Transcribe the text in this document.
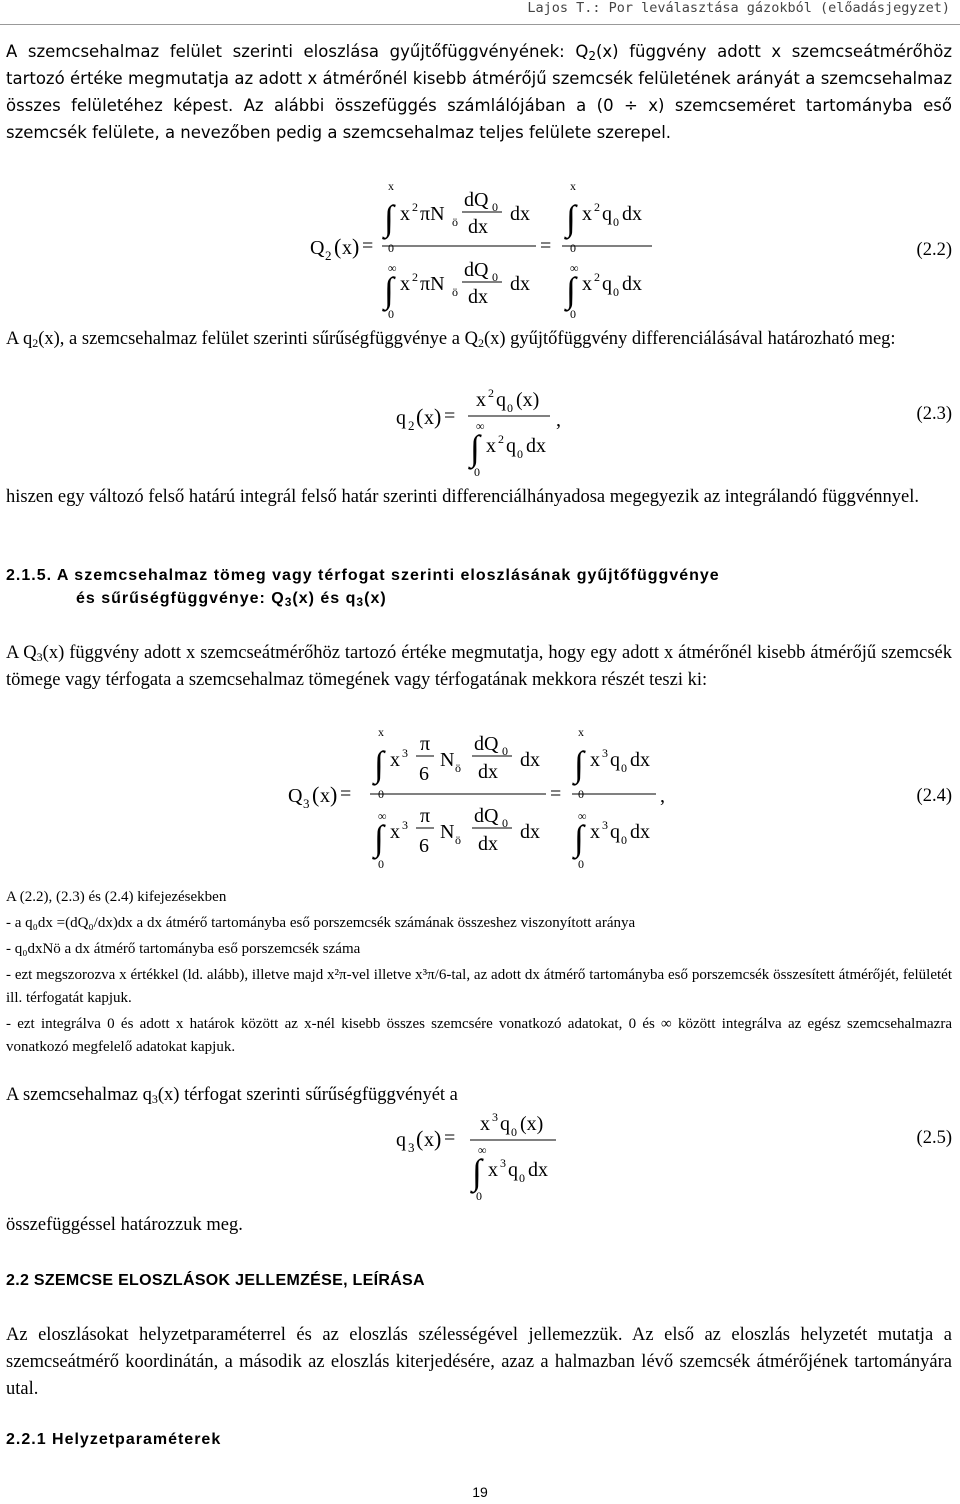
Lajos T.: Por leválasztása gázokból (előadásjegyzet)
A szemcsehalmaz felület szerinti eloszlása gyűjtőfüggvényének: $Q_2(x)$ függvény adott x szemcseátmérőhöz tartozó értéke megmutatja az adott x átmérőnél kisebb átmérőjű szemcsék felületének arányát a szemcsehalmaz összes felületéhez képest. Az alábbi összefüggés számlálójában a (0 ÷ x) szemcseméret tartományba eső szemcsék felülete, a nevezőben pedig a szemcsehalmaz teljes felülete szerepel.
Q 2 ( x ) =
x
∫
0
x 2 πN ö
dQ 0
dx
dx
∞
∫
0
x 2 πN ö
dQ 0
dx
dx
=
x
∫
0
x 2 q 0 dx
∞
∫
0
x 2 q 0 dx
(2.2)
A $q_2(x)$, a szemcsehalmaz felület szerinti sűrűségfüggvénye a $Q_2(x)$ gyűjtőfüggvény differenciálásával határozható meg:
q 2 ( x ) =
x 2 q 0 (x)
∞
∫
0
x 2 q 0 dx
,	(2.3)
hiszen egy változó felső határú integrál felső határ szerinti differenciálhányadosa megegyezik az integrálandó függvénnyel.
2.1.5. A szemcsehalmaz tömeg vagy térfogat szerinti eloszlásának gyűjtőfüggvénye
és sűrűségfüggvénye: $Q_3(x)$ és $q_3(x)$
A $Q_3(x)$ függvény adott x szemcseátmérőhöz tartozó értéke megmutatja, hogy egy adott x átmérőnél kisebb átmérőjű szemcsék tömege vagy térfogata a szemcsehalmaz tömegének vagy térfogatának mekkora részét teszi ki:
Q 3 ( x ) =
x
∫
0
x 3 π
6
N ö
dQ 0
dx
dx
∞
∫
0
x 3 π
6
N ö
dQ 0
dx
dx
=
x
∫
0
x 3 q 0 dx
∞
∫
0
x 3 q 0 dx
,	(2.4)
A (2.2), (2.3) és (2.4) kifejezésekben
- a q₀dx =(dQ₀/dx)dx a dx átmérő tartományba eső porszemcsék számának összeshez viszonyított aránya
- q₀dxNö a dx átmérő tartományba eső porszemcsék száma
- ezt megszorozva x értékkel (ld. alább), illetve majd x²π-vel illetve x³π/6-tal, az adott dx átmérő tartományba eső porszemcsék összesített átmérőjét, felületét ill. térfogatát kapjuk.
- ezt integrálva 0 és adott x határok között az x-nél kisebb összes szemcsére vonatkozó adatokat, 0 és ∞ között integrálva az egész szemcsehalmazra vonatkozó megfelelő adatokat kapjuk.
A szemcsehalmaz $q_3(x)$ térfogat szerinti sűrűségfüggvényét a
q 3 ( x ) =
x 3 q 0 (x)
∞
∫
0
x 3 q 0 dx
(2.5)
összefüggéssel határozzuk meg.
2.2 SZEMCSE ELOSZLÁSOK JELLEMZÉSE, LEÍRÁSA
Az eloszlásokat helyzetparaméterrel és az eloszlás szélességével jellemezzük. Az első az eloszlás helyzetét mutatja a szemcseátmérő koordinátán, a második az eloszlás kiterjedésére, azaz a halmazban lévő szemcsék átmérőjének tartományára utal.
2.2.1 Helyzetparaméterek
19
